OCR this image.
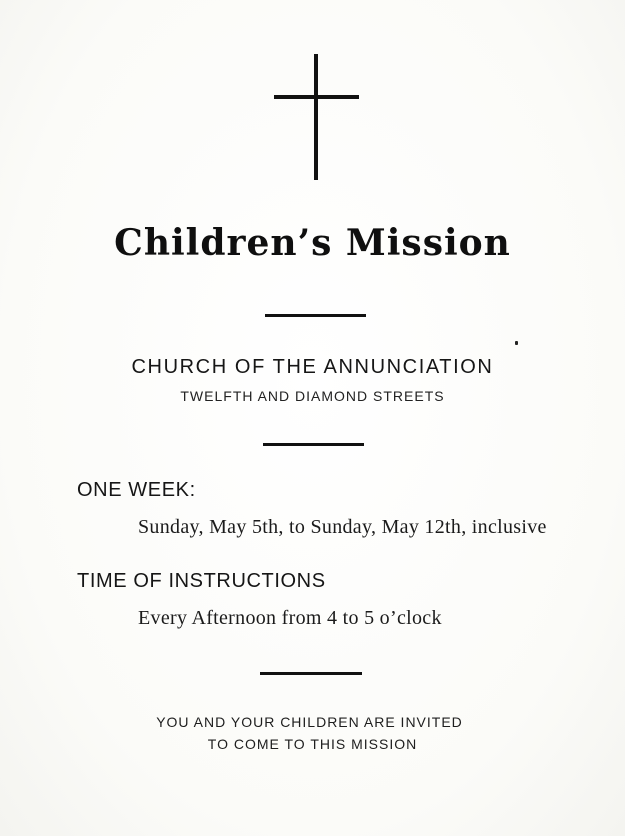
Children’s Mission
CHURCH OF THE ANNUNCIATION
TWELFTH AND DIAMOND STREETS
ONE WEEK:
Sunday, May 5th, to Sunday, May 12th, inclusive
TIME OF INSTRUCTIONS
Every Afternoon from 4 to 5 o’clock
YOU AND YOUR CHILDREN ARE INVITED
TO COME TO THIS MISSION
